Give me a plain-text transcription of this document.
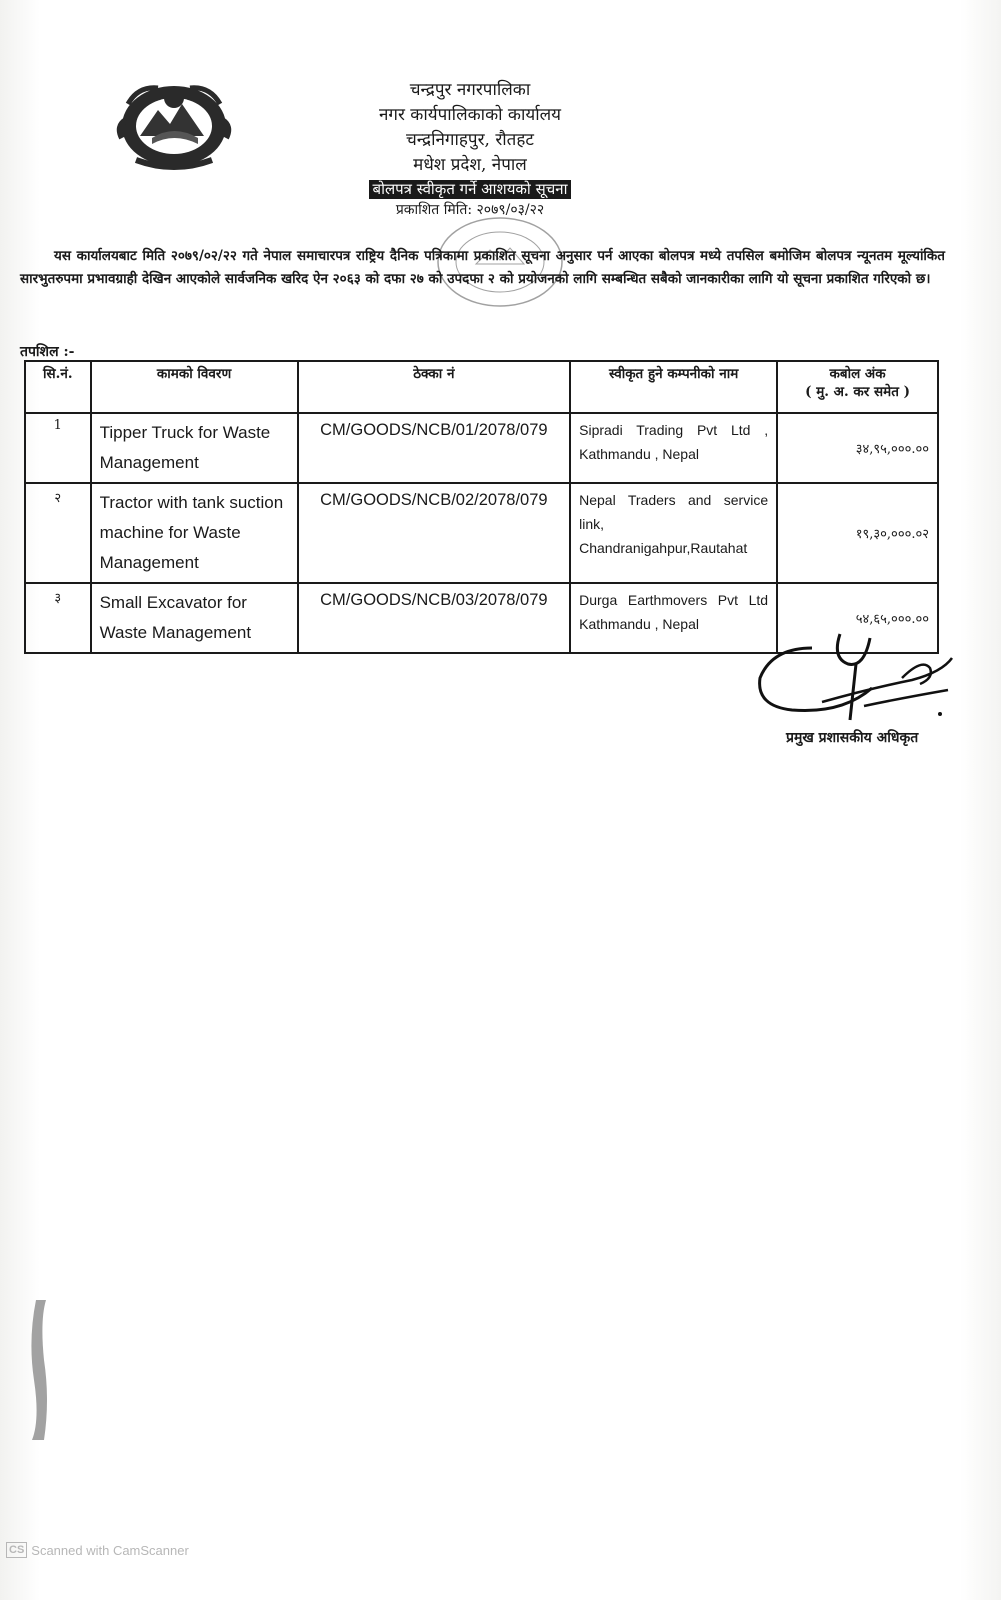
चन्द्रपुर नगरपालिका
नगर कार्यपालिकाको कार्यालय
चन्द्रनिगाहपुर, रौतहट
मधेश प्रदेश, नेपाल
बोलपत्र स्वीकृत गर्ने आशयको सूचना
प्रकाशित मिति: २०७९/०३/२२

यस कार्यालयबाट मिति २०७९/०२/२२ गते नेपाल समाचारपत्र राष्ट्रिय दैनिक पत्रिकामा प्रकाशित सूचना अनुसार पर्न आएका बोलपत्र मध्ये तपसिल बमोजिम बोलपत्र न्यूनतम मूल्यांकित सारभुतरुपमा प्रभावग्राही देखिन आएकोले सार्वजनिक खरिद ऐन २०६३ को दफा २७ को उपदफा २ को प्रयोजनको लागि सम्बन्धित सबैको जानकारीका लागि यो सूचना प्रकाशित गरिएको छ।

तपशिल :-
सि.नं.	कामको विवरण	ठेक्का नं	स्वीकृत हुने कम्पनीको नाम	कबोल अंक
( मु. अ. कर समेत )

1	Tipper Truck for Waste Management	CM/GOODS/NCB/01/2078/079	Sipradi Trading Pvt Ltd , Kathmandu , Nepal	३४,९५,०००.००
२	Tractor with tank suction machine for Waste Management	CM/GOODS/NCB/02/2078/079	Nepal Traders and service link, Chandranigahpur,Rautahat	१९,३०,०००.०२
३	Small Excavator for Waste Management	CM/GOODS/NCB/03/2078/079	Durga Earthmovers Pvt Ltd Kathmandu , Nepal	५४,६५,०००.००
प्रमुख प्रशासकीय अधिकृत
CS Scanned with CamScanner
